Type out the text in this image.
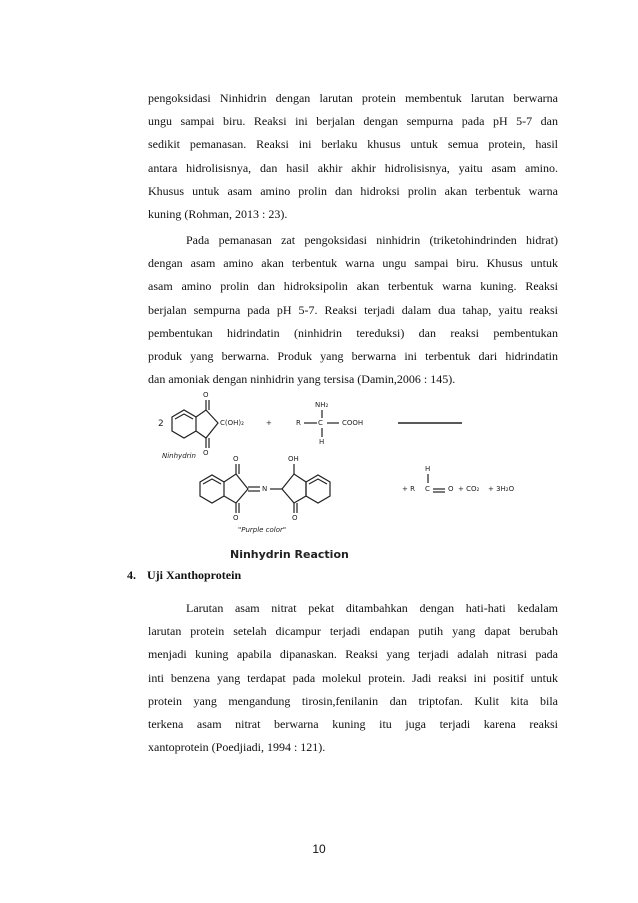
pengoksidasi Ninhidrin dengan larutan protein membentuk larutan berwarna
ungu sampai biru. Reaksi ini berjalan dengan sempurna pada pH 5-7 dan
sedikit pemanasan. Reaksi ini berlaku khusus untuk semua protein, hasil
antara hidrolisisnya, dan hasil akhir akhir hidrolisisnya, yaitu asam amino.
Khusus untuk asam amino prolin dan hidroksi prolin akan terbentuk warna
kuning (Rohman, 2013 : 23).
Pada pemanasan zat pengoksidasi ninhidrin (triketohindrinden hidrat)
dengan asam amino akan terbentuk warna ungu sampai biru. Khusus untuk
asam amino prolin dan hidroksipolin akan terbentuk warna kuning. Reaksi
berjalan sempurna pada pH 5-7. Reaksi terjadi dalam dua tahap, yaitu reaksi
pembentukan hidrindatin (ninhidrin tereduksi) dan reaksi pembentukan
produk yang berwarna. Produk yang berwarna ini terbentuk dari hidrindatin
dan amoniak dengan ninhidrin yang tersisa (Damin,2006 : 145).
2
O
O
C(OH)₂	+	R C
NH₂
H
COOH
Ninhydrin	O
O
N
OH
O
"Purple color"
+ R
H
C	O + CO₂ + 3H₂O
Ninhydrin Reaction
4. Uji Xanthoprotein
Larutan asam nitrat pekat ditambahkan dengan hati-hati kedalam
larutan protein setelah dicampur terjadi endapan putih yang dapat berubah
menjadi kuning apabila dipanaskan. Reaksi yang terjadi adalah nitrasi pada
inti benzena yang terdapat pada molekul protein. Jadi reaksi ini positif untuk
protein yang mengandung tirosin,fenilanin dan triptofan. Kulit kita bila
terkena asam nitrat berwarna kuning itu juga terjadi karena reaksi
xantoprotein (Poedjiadi, 1994 : 121).
10
